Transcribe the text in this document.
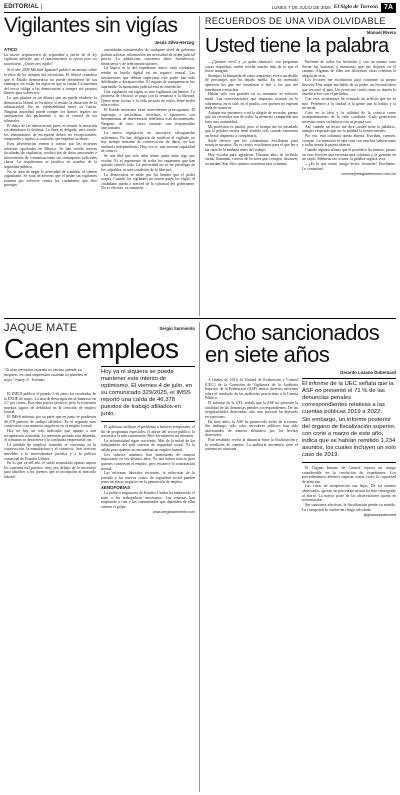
EDITORIAL |	LUNES 7 DE JULIO DE 2025 El Siglo de Torreón 7A
Vigilantes sin vigías
Jesús Silva-Herzog

ÁTICO

La nueva arquitectura de seguridad a partir de la ley vigilante advierte que el autoritarismo es eficaz pero no autoritario. ¿Quién nos vigila?

Si el año 2000 Michael Ignatieff publicó un ensayo sobre la ética de los tiempos del terrorismo. El liberal considera que el Estado democrático no puede defenderse de sus enemigos sin violar las reglas en que se funda. La amenaza del terror obliga a las democracias a romper sus propios límites para sobrevivir.

Lo que plantea es un dilema que no puede eludirse: la democracia liberal se fortalece si resiste la tentación de la arbitrariedad. En su vulnerabilidad mora su fuerza. Ninguna autoridad puede romper los límites legales sin autorización del parlamento y sin el control de los tribunales.

El deber de las democracias, pues, es resistir la tentación sin abandonar la defensa. La línea es delgada, pero existe: los instrumentos de excepción deben ser excepcionales, temporales y sujetos a controles que impidan su abuso.

Esas advertencias vienen a cuento por las recientes reformas aprobadas en México. Se han creado nuevas facultades de vigilancia, recolección de datos personales e intervención de comunicaciones sin contrapesos judiciales claros. La arquitectura se justifica en nombre de la seguridad pública.

No se trata de negar la necesidad de combatir al crimen organizado. Se trata de advertir que el poder sin vigilantes termina por volverse contra los ciudadanos que dice proteger.

autoridades ministeriales de cualquier nivel de gobierno podrán solicitar información sin necesidad de orden judicial previa. La plataforma concentra datos biométricos, financieros y de telecomunicaciones.

La lógica es la del expediente único: cada ciudadano tendrá su huella digital en un registro central. Las instituciones que debían supervisar este poder han sido debilitadas o desaparecidas. El órgano de transparencia fue suprimido; la autonomía judicial está en entredicho.

Una vigilancia sin vigías es una vigilancia sin límites. La promesa de eficacia se paga con la renuncia a la libertad. Quien tiene acceso a la vida privada de todos, tiene poder sobre todos.

El Estado mexicano tiene antecedentes preocupantes. El espionaje a periodistas, activistas y opositores con herramientas de intervención telefónica está documentado. Ninguno de esos casos terminó con responsables sancionados.

La nueva legislación no incorpora salvaguardas suficientes. No hay obligación de notificar al vigilado, no hay tiempo máximo de conservación de datos, no hay auditoría independiente. Hay, eso sí, una enorme capacidad de control.

Se nos dirá que sólo debe temer quien tiene algo que ocultar. Es el argumento de todos los regímenes que han querido saberlo todo. La privacidad no es un privilegio de los culpables, es una condición de la libertad.

La democracia se mide por los límites que el poder acepta. Cuando los vigilantes no tienen quién los vigile, el ciudadano queda a merced de la voluntad del gobernante. No es eficacia: es sumisión.

RECUERDOS DE UNA VIDA OLVIDABLE
Manuel Rivera
Usted tiene la palabra

—¿Quiénes eres? y ¿a quién admiras?, son preguntas cuyas respuestas suelen revelar mucho más de lo que el lector imagina.

Siempre, la búsqueda de estas respuestas evoca un desfile de personajes que ha dejado huella. En mi memoria aparecen los que me enseñaron a leer y los que me enseñaron a escuchar.

Hablar sólo con grandes en su momento es esfuerzo inútil. Las conversaciones que importan ocurren en la sobremesa, en el café, en el pasillo, con quienes no esperan nada de nosotros.

Aunque me pertenece a mí la alegría de recordar, pienso que los recuerdos son de todos: la memoria compartida nos hace una comunidad.

Mi profesión es pasión, pero el tiempo me ha enseñado que la palabra escrita tiene sentido sólo cuando encuentra un lector dispuesto a completarla.

Suele decirse que los columnistas escribimos para nosotros mismos. No es cierto: escribimos para el que lee a las siete de la mañana antes del trabajo.

Hoy escribo para agradecer. Durante años he recibido cartas, llamadas, correos de lectores que corrigen, discuten, recuerdan. Son ellos quienes sostienen esta columna.

Enfrente de todos los invitados y con un mismo tono llevan las historias y memorias que me dejaron en el camino. Algunas de ellas son dolorosas, otras celebran la alegría de vivir.

Los lectores me escribieron para contarme su propia historia. Una mujer me habló de su padre, un ferrocarrilero que recorrió el país. Un joven me contó cómo su abuela le enseñó a leer con el periódico.

Con esos testimonios he formado un archivo que no es mío. Pertenece a la ciudad, a la gente que la habita y la recuerda.

Creo en la idea y la utilidad de la crónica como acompañamiento de la vida cotidiana. Cada generación necesita contar su historia con su propia voz.

Así, cuando un lector me dice «usted tiene la palabra», siempre respondo que no: la palabra la tienen ustedes.

Por eso, esta columna queda abierta. Escriban, cuenten, corrijan. La memoria es una casa con muchas habitaciones y todas tienen la puerta abierta.

Cuando alguien afirma que el periódico ha muerto, pienso en esos lectores que recortan una columna y la guardan en un cajón. Mientras eso ocurra, la palabra seguirá viva.

—¿Es lo que usted, amigo lector, recuerda? Escríbame. Le contestaré.

mrivera@elsiglodetorreon.com.mx

JAQUE MATE	Sergio Sarmiento
Caen empleos
"Si una recesión cuando tu vecino pierde su empleo; es una depresión cuando tú pierdes el tuyo." Harry S. Truman

El INEGI publicó el pasado 3 de junio los resultados de la ENOE de mayo. La tasa de desocupación se mantuvo en 2.7 por ciento. Este dato parece positivo, pero la economía muestra signos de debilidad en la creación de empleo formal.

El IMSS informó por su parte que en junio se perdieron 46,378 puestos de trabajo afiliados. Es el segundo mes consecutivo con números negativos en el empleo formal.

Hoy no hay un solo indicador que apunte a una recuperación sostenida. La inversión privada está detenida, el consumo se desacelera y la confianza empresarial cae.

La pérdida de empleos formales se concentra en la construcción, la manufactura y el comercio. Son sectores sensibles a la incertidumbre jurídica y a la política comercial de Estados Unidos.

En lo que va del año, el saldo acumulado apenas supera los cuarenta mil puestos, muy por debajo de lo necesario para absorber a los jóvenes que se incorporan al mercado laboral.

Hoy ya ni siquiera se puede mantener este intento de optimismo. El viernes 4 de julio, en su comunicado 329/2025, el IMSS reportó una caída de 46,378 puestos de trabajo afiliados en junio.

El gobierno atribuye el problema a factores temporales: el fin de programas especiales, el ajuste del sector público, la reforma a la subcontratación. Pero los números no mienten.

La informalidad sigue creciendo. Más de la mitad de los trabajadores del país carecen de seguridad social. Es la salida para quienes no encuentran un empleo formal.

Los salarios mínimos han aumentado de manera importante en los últimos años. Es una buena noticia para quienes conservan el empleo, pero encarece la contratación formal.

Las reformas laborales recientes, la reducción de la jornada y los nuevos costos de seguridad social pueden tener un efecto negativo en la generación de empleo.

XENOFOBIAS

La política migratoria de Estados Unidos ha endurecido el trato a los trabajadores mexicanos. Las remesas han empezado a caer y las comunidades que dependen de ellas sienten el golpe.

www.sergiosarmiento.com

Ocho sancionados en siete años
Gerardo Lozano Dubernard

A finales de 2014, la Unidad de Evaluación y Control (UEC) de la Comisión de Vigilancia de la Auditoría Superior de la Federación (ASF) emitió diversos informes sobre el resultado de las auditorías practicadas a la Cuenta Pública.

El informe de la UEC señala que la ASF no presentó la totalidad de las denuncias penales correspondientes. De las irregularidades detectadas, sólo una fracción ha derivado en sanciones.

En siete años, la ASF ha promovido miles de acciones. Sin embargo, sólo ocho servidores públicos han sido sancionados de manera definitiva por los hechos detectados.

Este resultado revela la distancia entre la fiscalización y la rendición de cuentas. La auditoría encuentra, pero el sistema no sanciona.

El informe de la UEC señala que la ASF no presentó el 71 % de las denuncias penales correspondientes relativas a las cuentas públicas 2019 a 2022.
Sin embargo, un informe posterior del órgano de fiscalización superior, con corte a marzo de este año, indica que se habían remitido 1,234 asuntos, los cuales incluyen un solo caso de 2019.

El Órgano Interno de Control reporta un rezago considerable en la resolución de expedientes. Los procedimientos abiertos superan varias veces la capacidad de atención.

Las cifras de recuperación son bajas. De los montos observados, apenas un porcentaje menor ha sido reintegrado al erario. La mayor parte de las observaciones queda en solventación.

Sin sanciones efectivas, la fiscalización pierde su sentido. La corrupción se vuelve un riesgo calculado.

@glozanodubernard
